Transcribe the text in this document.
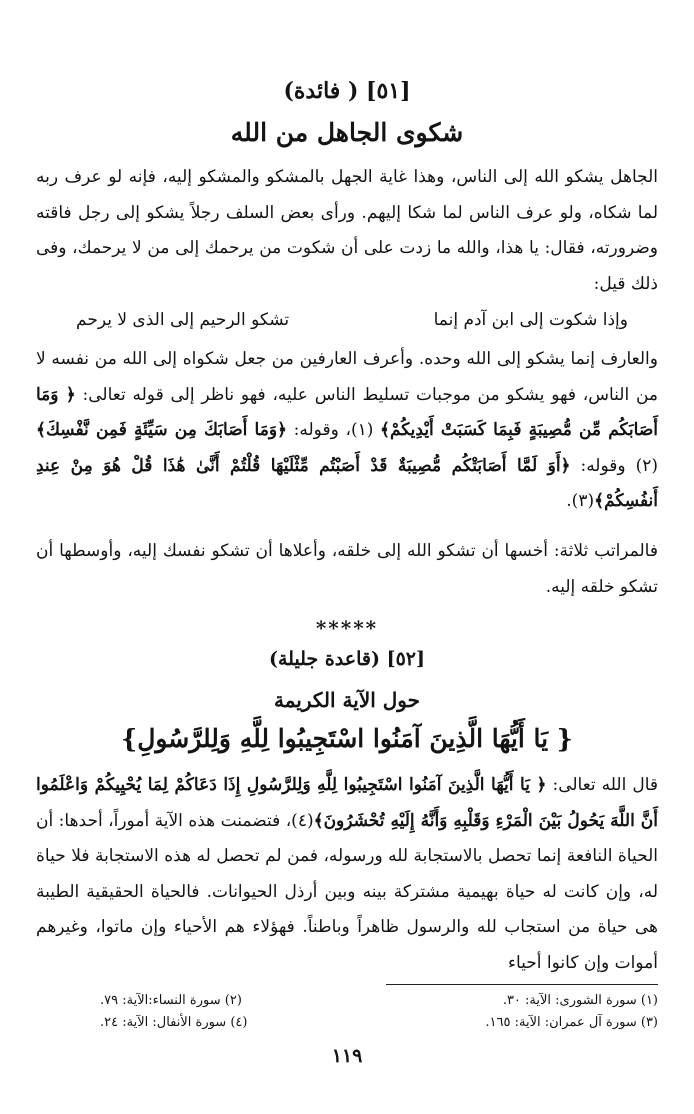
[٥١] ( فائدة)
شكوى الجاهل من الله
الجاهل يشكو الله إلى الناس، وهذا غاية الجهل بالمشكو والمشكو إليه، فإنه لو عرف ربه لما شكاه، ولو عرف الناس لما شكا إليهم. ورأى بعض السلف رجلاً يشكو إلى رجل فاقته وضرورته، فقال: يا هذا، والله ما زدت على أن شكوت من يرحمك إلى من لا يرحمك، وفى ذلك قيل:
وإذا شكوت إلى ابن آدم إنما
تشكو الرحيم إلى الذى لا يرحم
والعارف إنما يشكو إلى الله وحده. وأعرف العارفين من جعل شكواه إلى الله من نفسه لا من الناس، فهو يشكو من موجبات تسليط الناس عليه، فهو ناظر إلى قوله تعالى: ﴿ وَمَا أَصَابَكُم مِّن مُّصِيبَةٍ فَبِمَا كَسَبَتْ أَيْدِيكُمْ﴾ (١)، وقوله: ﴿وَمَا أَصَابَكَ مِن سَيِّئَةٍ فَمِن نَّفْسِكَ﴾ (٢) وقوله: ﴿أَوَ لَمَّا أَصَابَتْكُم مُّصِيبَةٌ قَدْ أَصَبْتُم مِّثْلَيْهَا قُلْتُمْ أَنَّىٰ هَٰذَا قُلْ هُوَ مِنْ عِندِ أَنفُسِكُمْ﴾(٣).
فالمراتب ثلاثة: أخسها أن تشكو الله إلى خلقه، وأعلاها أن تشكو نفسك إليه، وأوسطها أن تشكو خلقه إليه.
*****
[٥٢] (قاعدة جليلة)
حول الآية الكريمة
{ يَا أَيُّهَا الَّذِينَ آمَنُوا اسْتَجِيبُوا لِلَّهِ وَلِلرَّسُولِ}
قال الله تعالى: ﴿ يَا أَيُّهَا الَّذِينَ آمَنُوا اسْتَجِيبُوا لِلَّهِ وَلِلرَّسُولِ إِذَا دَعَاكُمْ لِمَا يُحْيِيكُمْ وَاعْلَمُوا أَنَّ اللَّهَ يَحُولُ بَيْنَ الْمَرْءِ وَقَلْبِهِ وَأَنَّهُ إِلَيْهِ تُحْشَرُونَ﴾(٤)، فتضمنت هذه الآية أموراً، أحدها: أن الحياة النافعة إنما تحصل بالاستجابة لله ورسوله، فمن لم تحصل له هذه الاستجابة فلا حياة له، وإن كانت له حياة بهيمية مشتركة بينه وبين أرذل الحيوانات. فالحياة الحقيقية الطيبة هى حياة من استجاب لله والرسول ظاهراً وباطناً. فهؤلاء هم الأحياء وإن ماتوا، وغيرهم أموات وإن كانوا أحياء
(١) سورة الشورى: الآية: ٣٠.
(٢) سورة النساء:الآية: ٧٩.
(٣) سورة آل عمران: الآية: ١٦٥.
(٤) سورة الأنفال: الآية: ٢٤.
١١٩
